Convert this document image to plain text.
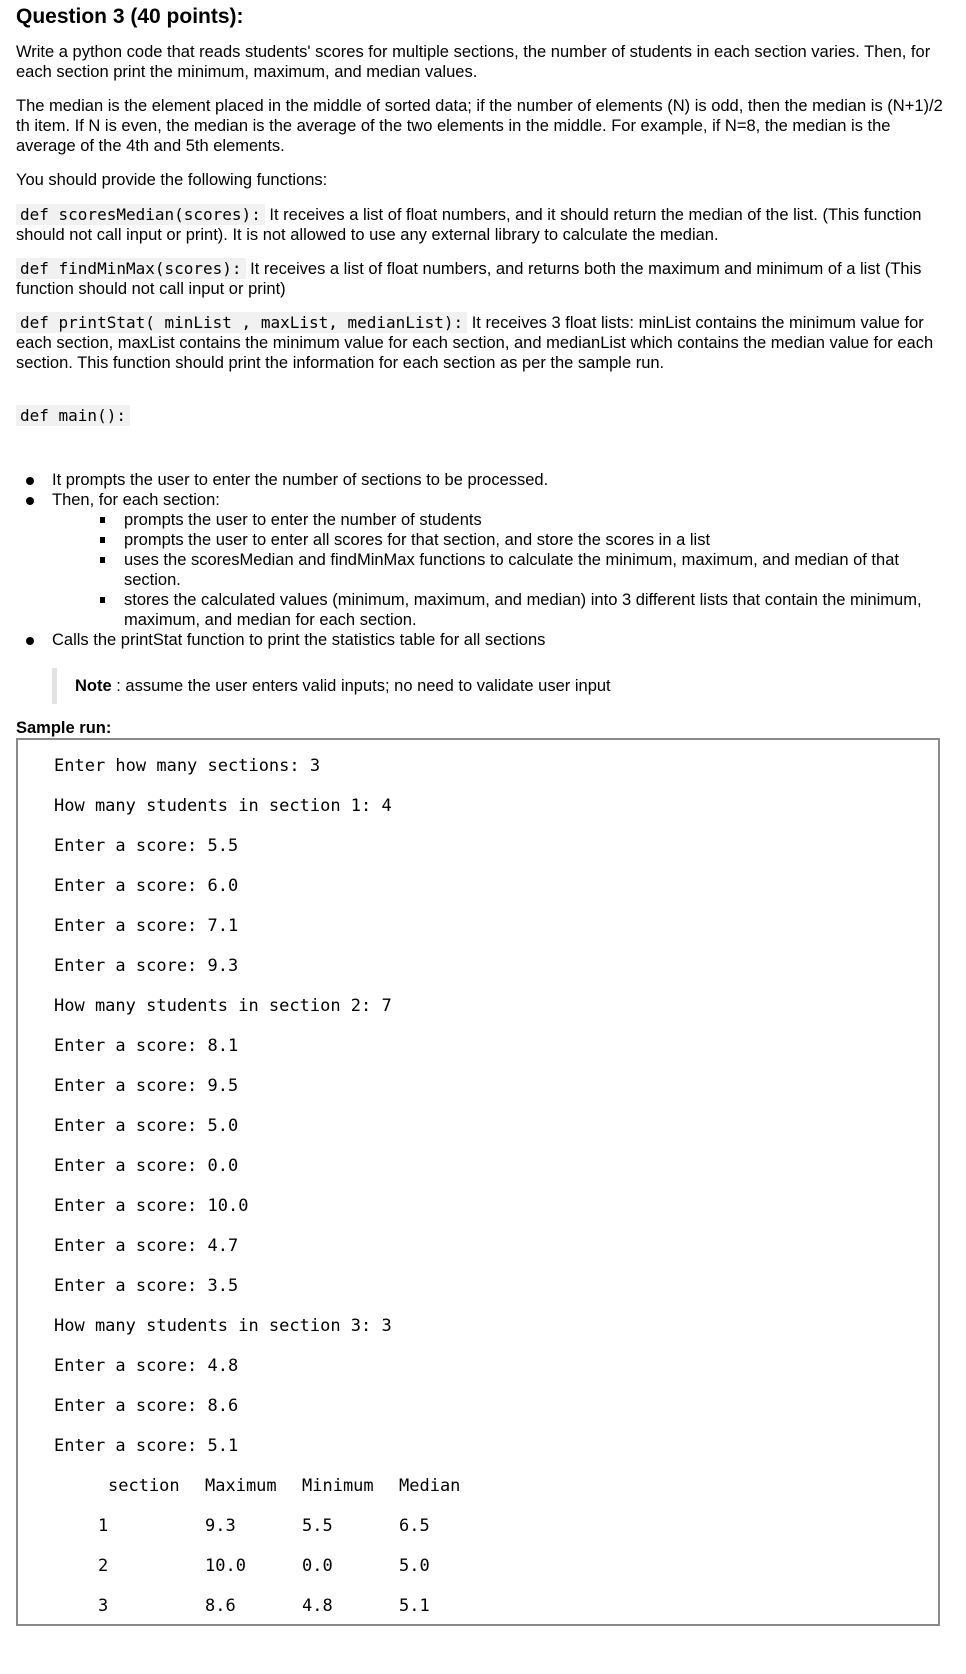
Question 3 (40 points):

Write a python code that reads students' scores for multiple sections, the number of students in each section varies. Then, for each section print the minimum, maximum, and median values.

The median is the element placed in the middle of sorted data; if the number of elements (N) is odd, then the median is (N+1)/2 th item. If N is even, the median is the average of the two elements in the middle. For example, if N=8, the median is the average of the 4th and 5th elements.

You should provide the following functions:

def scoresMedian(scores): It receives a list of float numbers, and it should return the median of the list. (This function should not call input or print). It is not allowed to use any external library to calculate the median.

def findMinMax(scores): It receives a list of float numbers, and returns both the maximum and minimum of a list (This function should not call input or print)

def printStat( minList , maxList, medianList): It receives 3 float lists: minList contains the minimum value for each section, maxList contains the minimum value for each section, and medianList which contains the median value for each section. This function should print the information for each section as per the sample run.

def main():

It prompts the user to enter the number of sections to be processed.
Then, for each section:
prompts the user to enter the number of students
prompts the user to enter all scores for that section, and store the scores in a list
uses the scoresMedian and findMinMax functions to calculate the minimum, maximum, and median of that section.
stores the calculated values (minimum, maximum, and median) into 3 different lists that contain the minimum, maximum, and median for each section.
Calls the printStat function to print the statistics table for all sections
Note : assume the user enters valid inputs; no need to validate user input

Sample run:

Enter how many sections: 3
How many students in section 1: 4
Enter a score: 5.5
Enter a score: 6.0
Enter a score: 7.1
Enter a score: 9.3
How many students in section 2: 7
Enter a score: 8.1
Enter a score: 9.5
Enter a score: 5.0
Enter a score: 0.0
Enter a score: 10.0
Enter a score: 4.7
Enter a score: 3.5
How many students in section 3: 3
Enter a score: 4.8
Enter a score: 8.6
Enter a score: 5.1
section Maximum Minimum Median
1	9.3	5.5	6.5
2	10.0	0.0	5.0
3	8.6	4.8	5.1
